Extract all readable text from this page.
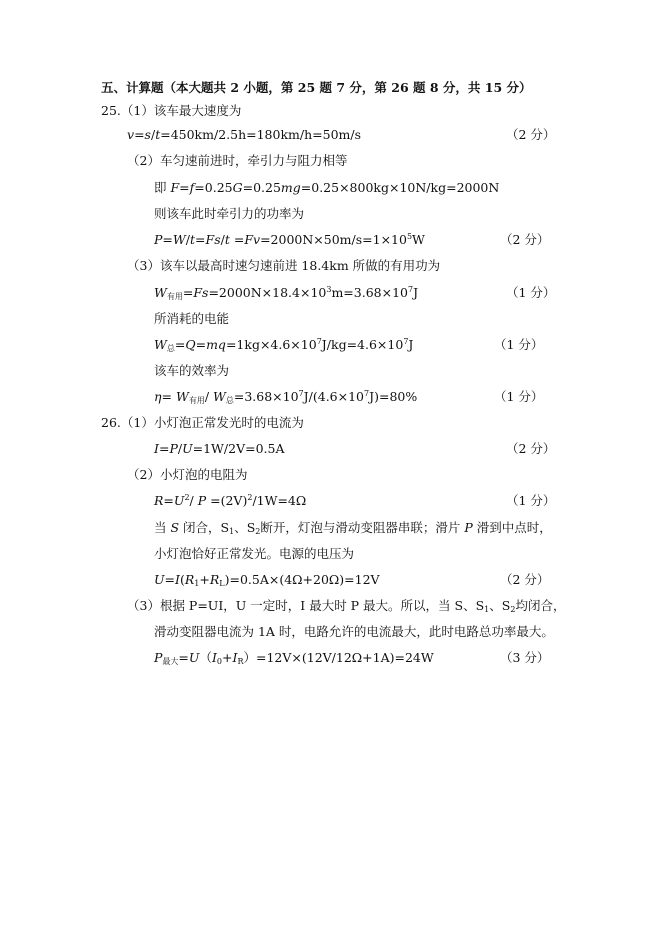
五、计算题（本大题共 2 小题，第 25 题 7 分，第 26 题 8 分，共 15 分）
25.（1）该车最大速度为
v=s/t=450km/2.5h=180km/h=50m/s	（2 分）
（2）车匀速前进时，牵引力与阻力相等
即 F=f=0.25G=0.25mg=0.25×800kg×10N/kg=2000N
则该车此时牵引力的功率为
$P=W/t=Fs/t =Fv=2000N\times 50m/s=1\times 10^5W$	（2 分）
（3）该车以最高时速匀速前进 18.4km 所做的有用功为
$W_{有用}=Fs=2000N\times 18.4\times 10^3m=3.68\times 10^7J$	（1 分）
所消耗的电能
$W_总=Q=mq=1kg\times 4.6\times 10^7J/kg=4.6\times 10^7J$	（1 分）
该车的效率为
$\eta= W_{有用}/$ $W_总=3.68\times 10^7J/(4.6\times 10^7J)=80\%$	（1 分）
26.（1）小灯泡正常发光时的电流为
I=P/U=1W/2V=0.5A	（2 分）
（2）小灯泡的电阻为
$R=U^2/$ $P =(2V)^2/1W=4\Omega$	（1 分）
当 S 闭合，$S_1$、$S_2$断开，灯泡与滑动变阻器串联；滑片 P 滑到中点时，
小灯泡恰好正常发光。电源的电压为
$U=I(R_1+R_L)=0.5A\times(4\Omega+20\Omega)=12V$	（2 分）
（3）根据 P=UI，U 一定时，I 最大时 P 最大。所以，当 S、$S_1$、$S_2$均闭合，
滑动变阻器电流为 1A 时，电路允许的电流最大，此时电路总功率最大。
$P_{最大}=U(I_0+I_R)=12V\times(12V/12\Omega+1A)=24W$	（3 分）
